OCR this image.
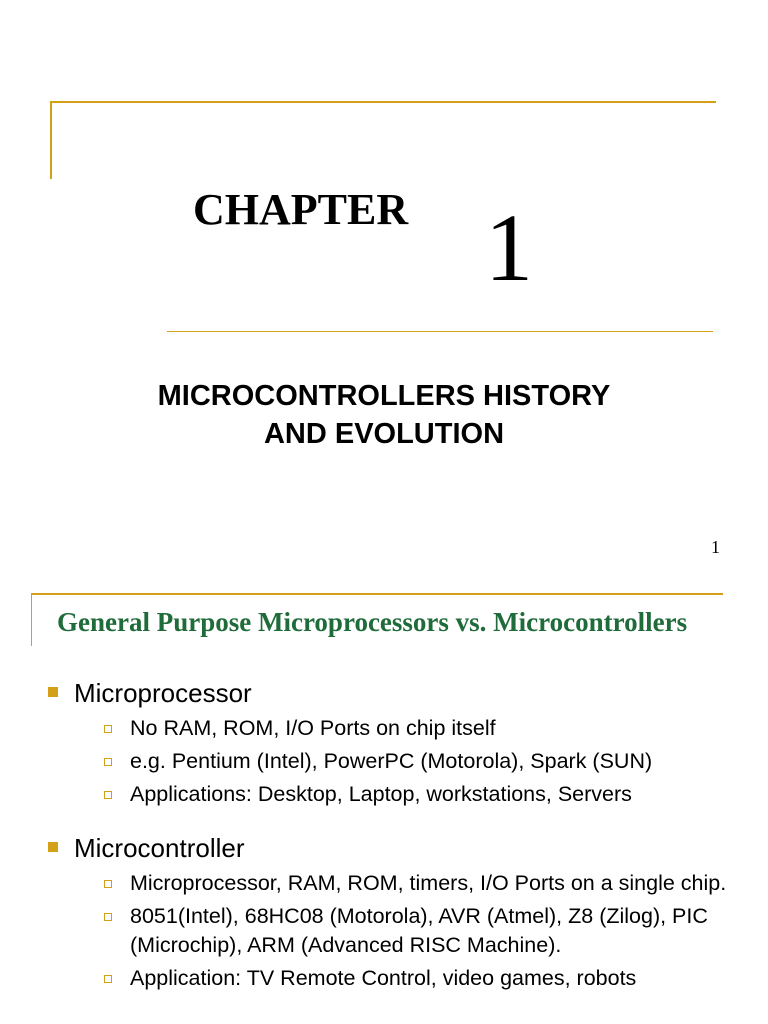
CHAPTER 1
MICROCONTROLLERS HISTORY
AND EVOLUTION
1
General Purpose Microprocessors vs. Microcontrollers
Microprocessor
No RAM, ROM, I/O Ports on chip itself
e.g. Pentium (Intel), PowerPC (Motorola), Spark (SUN)
Applications: Desktop, Laptop, workstations, Servers
Microcontroller
Microprocessor, RAM, ROM, timers, I/O Ports on a single chip.
8051(Intel), 68HC08 (Motorola), AVR (Atmel), Z8 (Zilog), PIC (Microchip), ARM (Advanced RISC Machine).
Application: TV Remote Control, video games, robots
